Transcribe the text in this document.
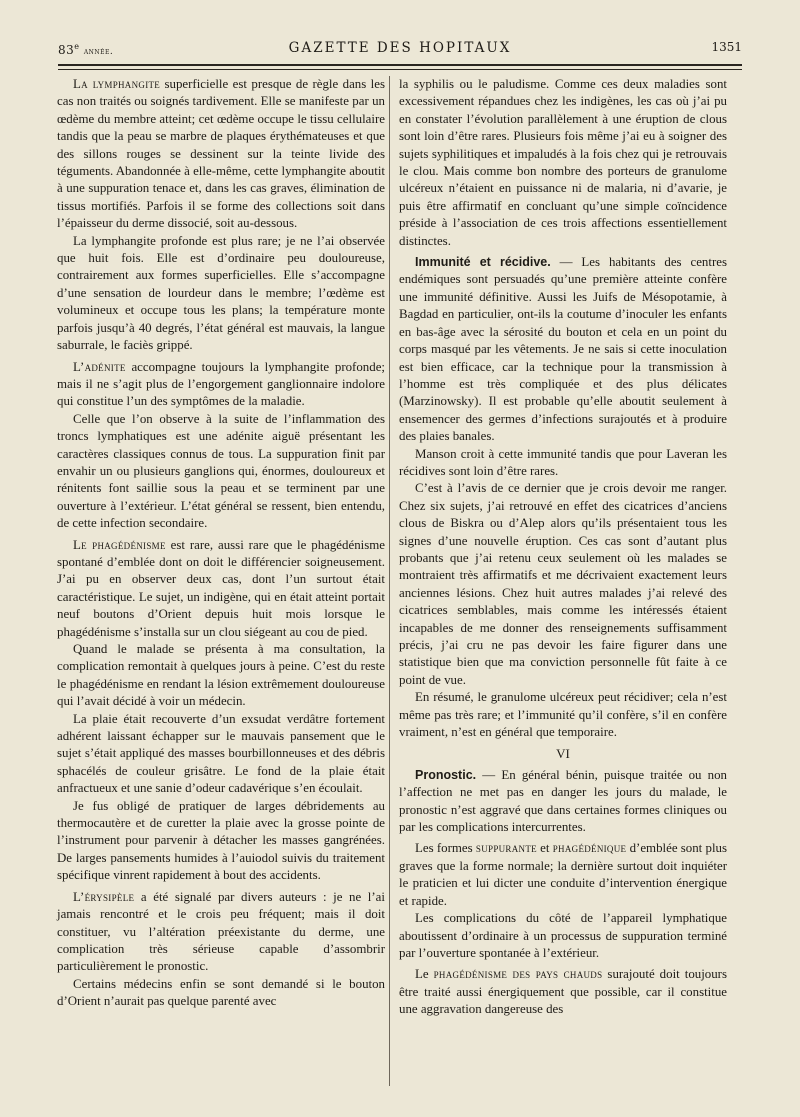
83e année.	GAZETTE DES HOPITAUX	1351

La lymphangite superficielle est presque de règle dans les cas non traités ou soignés tardivement. Elle se manifeste par un œdème du membre atteint; cet œdème occupe le tissu cellulaire tandis que la peau se marbre de plaques érythémateuses et que des sillons rouges se dessinent sur la teinte livide des téguments. Abandonnée à elle-même, cette lymphangite aboutit à une suppuration tenace et, dans les cas graves, élimination de tissus mortifiés. Parfois il se forme des collections soit dans l’épaisseur du derme dissocié, soit au-dessous.

La lymphangite profonde est plus rare; je ne l’ai observée que huit fois. Elle est d’ordinaire peu douloureuse, contrairement aux formes superficielles. Elle s’accompagne d’une sensation de lourdeur dans le membre; l’œdème est volumineux et occupe tous les plans; la température monte parfois jusqu’à 40 degrés, l’état général est mauvais, la langue saburrale, le faciès grippé.

L’adénite accompagne toujours la lymphangite profonde; mais il ne s’agit plus de l’engorgement ganglionnaire indolore qui constitue l’un des symptômes de la maladie.

Celle que l’on observe à la suite de l’inflammation des troncs lymphatiques est une adénite aiguë présentant les caractères classiques connus de tous. La suppuration finit par envahir un ou plusieurs ganglions qui, énormes, douloureux et rénitents font saillie sous la peau et se terminent par une ouverture à l’extérieur. L’état général se ressent, bien entendu, de cette infection secondaire.

Le phagédénisme est rare, aussi rare que le phagédénisme spontané d’emblée dont on doit le différencier soigneusement. J’ai pu en observer deux cas, dont l’un surtout était caractéristique. Le sujet, un indigène, qui en était atteint portait neuf boutons d’Orient depuis huit mois lorsque le phagédénisme s’installa sur un clou siégeant au cou de pied.

Quand le malade se présenta à ma consultation, la complication remontait à quelques jours à peine. C’est du reste le phagédénisme en rendant la lésion extrêmement douloureuse qui l’avait décidé à voir un médecin.

La plaie était recouverte d’un exsudat verdâtre fortement adhérent laissant échapper sur le mauvais pansement que le sujet s’était appliqué des masses bourbillonneuses et des débris sphacélés de couleur grisâtre. Le fond de la plaie était anfractueux et une sanie d’odeur cadavérique s’en écoulait.

Je fus obligé de pratiquer de larges débridements au thermocautère et de curetter la plaie avec la grosse pointe de l’instrument pour parvenir à détacher les masses gangrénées. De larges pansements humides à l’auiodol suivis du traitement spécifique vinrent rapidement à bout des accidents.

L’érysipèle a été signalé par divers auteurs : je ne l’ai jamais rencontré et le crois peu fréquent; mais il doit constituer, vu l’altération préexistante du derme, une complication très sérieuse capable d’assombrir particulièrement le pronostic.

Certains médecins enfin se sont demandé si le bouton d’Orient n’aurait pas quelque parenté avec

la syphilis ou le paludisme. Comme ces deux maladies sont excessivement répandues chez les indigènes, les cas où j’ai pu en constater l’évolution parallèlement à une éruption de clous sont loin d’être rares. Plusieurs fois même j’ai eu à soigner des sujets syphilitiques et impaludés à la fois chez qui je retrouvais le clou. Mais comme bon nombre des porteurs de granulome ulcéreux n’étaient en puissance ni de malaria, ni d’avarie, je puis être affirmatif en concluant qu’une simple coïncidence préside à l’association de ces trois affections essentiellement distinctes.

Immunité et récidive. — Les habitants des centres endémiques sont persuadés qu’une première atteinte confère une immunité définitive. Aussi les Juifs de Mésopotamie, à Bagdad en particulier, ont-ils la coutume d’inoculer les enfants en bas-âge avec la sérosité du bouton et cela en un point du corps masqué par les vêtements. Je ne sais si cette inoculation est bien efficace, car la technique pour la transmission à l’homme est très compliquée et des plus délicates (Marzinowsky). Il est probable qu’elle aboutit seulement à ensemencer des germes d’infections surajoutés et à produire des plaies banales.

Manson croit à cette immunité tandis que pour Laveran les récidives sont loin d’être rares.

C’est à l’avis de ce dernier que je crois devoir me ranger. Chez six sujets, j’ai retrouvé en effet des cicatrices d’anciens clous de Biskra ou d’Alep alors qu’ils présentaient tous les signes d’une nouvelle éruption. Ces cas sont d’autant plus probants que j’ai retenu ceux seulement où les malades se montraient très affirmatifs et me décrivaient exactement leurs anciennes lésions. Chez huit autres malades j’ai relevé des cicatrices semblables, mais comme les intéressés étaient incapables de me donner des renseignements suffisamment précis, j’ai cru ne pas devoir les faire figurer dans une statistique bien que ma conviction personnelle fût faite à ce point de vue.

En résumé, le granulome ulcéreux peut récidiver; cela n’est même pas très rare; et l’immunité qu’il confère, s’il en confère vraiment, n’est en général que temporaire.

VI

Pronostic. — En général bénin, puisque traitée ou non l’affection ne met pas en danger les jours du malade, le pronostic n’est aggravé que dans certaines formes cliniques ou par les complications intercurrentes.

Les formes suppurante et phagédénique d’emblée sont plus graves que la forme normale; la dernière surtout doit inquiéter le praticien et lui dicter une conduite d’intervention énergique et rapide.

Les complications du côté de l’appareil lymphatique aboutissent d’ordinaire à un processus de suppuration terminé par l’ouverture spontanée à l’extérieur.

Le phagédénisme des pays chauds surajouté doit toujours être traité aussi énergiquement que possible, car il constitue une aggravation dangereuse des
